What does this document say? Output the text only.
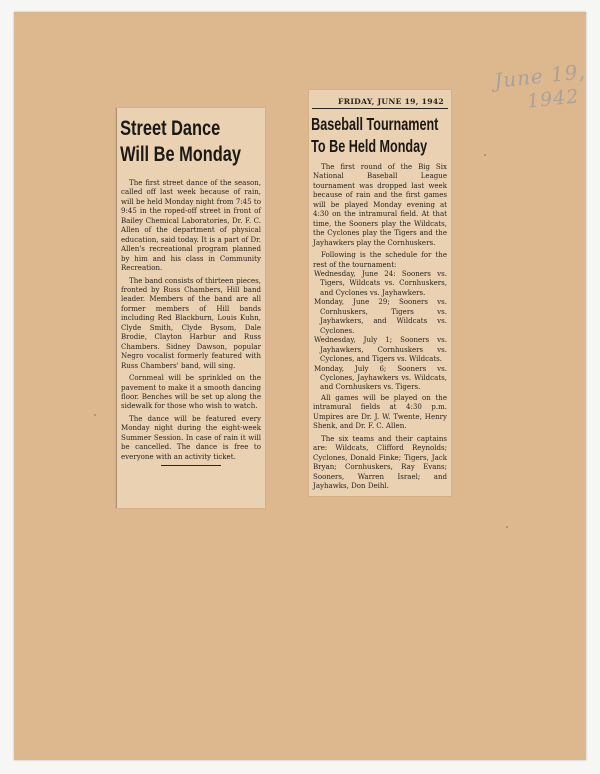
June 19,
1942
Street Dance
Will Be Monday

The first street dance of the season, called off last week because of rain, will be held Monday night from 7:45 to 9:45 in the roped-off street in front of Bailey Chemical Laboratories, Dr. F. C. Allen of the department of physical education, said today. It is a part of Dr. Allen's recreational program planned by him and his class in Community Recreation.

The band consists of thirteen pieces, fronted by Russ Chambers, Hill band leader. Members of the band are all former members of Hill bands including Red Blackburn, Louis Kuhn, Clyde Smith, Clyde Bysom, Dale Brodie, Clayton Harbur and Russ Chambers. Sidney Dawson, popular Negro vocalist formerly featured with Russ Chambers' band, will sing.

Cornmeal will be sprinkled on the pavement to make it a smooth dancing floor. Benches will be set up along the sidewalk for those who wish to watch.

The dance will be featured every Monday night during the eight-week Summer Session. In case of rain it will be cancelled. The dance is free to everyone with an activity ticket.

FRIDAY, JUNE 19, 1942
Baseball Tournament
To Be Held Monday

The first round of the Big Six National Baseball League tournament was dropped last week because of rain and the first games will be played Monday evening at 4:30 on the intramural field. At that time, the Sooners play the Wildcats, the Cyclones play the Tigers and the Jayhawkers play the Cornhuskers.

Following is the schedule for the rest of the tournament:

Wednesday, June 24: Sooners vs. Tigers, Wildcats vs. Cornhuskers, and Cyclones vs. Jayhawkers.

Monday, June 29; Sooners vs. Cornhuskers, Tigers vs. Jayhawkers, and Wildcats vs. Cyclones.

Wednesday, July 1; Sooners vs. Jayhawkers, Cornhuskers vs. Cyclones, and Tigers vs. Wildcats.

Monday, July 6; Sooners vs. Cyclones, Jayhawkers vs. Wildcats, and Cornhuskers vs. Tigers.

All games will be played on the intramural fields at 4:30 p.m. Umpires are Dr. J. W. Twente, Henry Shenk, and Dr. F. C. Allen.

The six teams and their captains are: Wildcats, Clifford Reynolds; Cyclones, Donald Finke; Tigers, Jack Bryan; Cornhuskers, Ray Evans; Sooners, Warren Israel; and Jayhawks, Don Deihl.
